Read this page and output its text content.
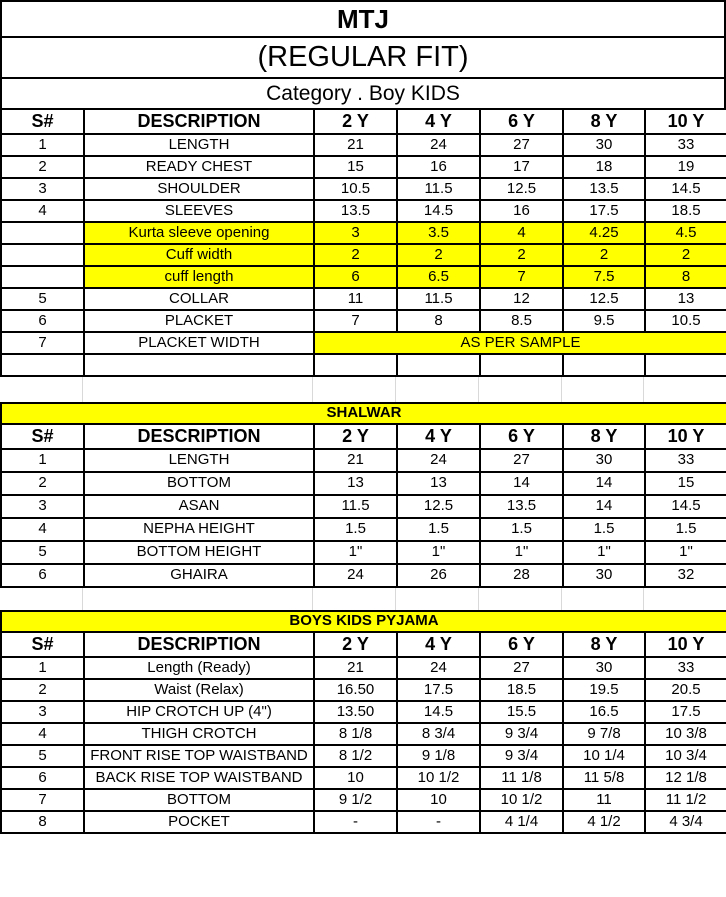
MTJ
(REGULAR FIT)
Category . Boy KIDS
S#	DESCRIPTION	2 Y	4 Y	6 Y	8 Y	10 Y
1	LENGTH	21	24	27	30	33
2	READY CHEST	15	16	17	18	19
3	SHOULDER	10.5	11.5	12.5	13.5	14.5
4	SLEEVES	13.5	14.5	16	17.5	18.5
	Kurta sleeve opening	3	3.5	4	4.25	4.5
	Cuff width	2	2	2	2	2
	cuff length	6	6.5	7	7.5	8
5	COLLAR	11	11.5	12	12.5	13
6	PLACKET	7	8	8.5	9.5	10.5
7	PLACKET WIDTH	AS PER SAMPLE				

SHALWAR						
S#	DESCRIPTION	2 Y	4 Y	6 Y	8 Y	10 Y
1	LENGTH	21	24	27	30	33
2	BOTTOM	13	13	14	14	15
3	ASAN	11.5	12.5	13.5	14	14.5
4	NEPHA HEIGHT	1.5	1.5	1.5	1.5	1.5
5	BOTTOM HEIGHT	1"	1"	1"	1"	1"
6	GHAIRA	24	26	28	30	32
BOYS KIDS PYJAMA						
S#	DESCRIPTION	2 Y	4 Y	6 Y	8 Y	10 Y
1	Length (Ready)	21	24	27	30	33
2	Waist (Relax)	16.50	17.5	18.5	19.5	20.5
3	HIP CROTCH UP (4")	13.50	14.5	15.5	16.5	17.5
4	THIGH CROTCH	8 1/8	8 3/4	9 3/4	9 7/8	10 3/8
5	FRONT RISE TOP WAISTBAND	8 1/2	9 1/8	9 3/4	10 1/4	10 3/4
6	BACK RISE TOP WAISTBAND	10	10 1/2	11 1/8	11 5/8	12 1/8
7	BOTTOM	9 1/2	10	10 1/2	11	11 1/2
8	POCKET	-	-	4 1/4	4 1/2	4 3/4
